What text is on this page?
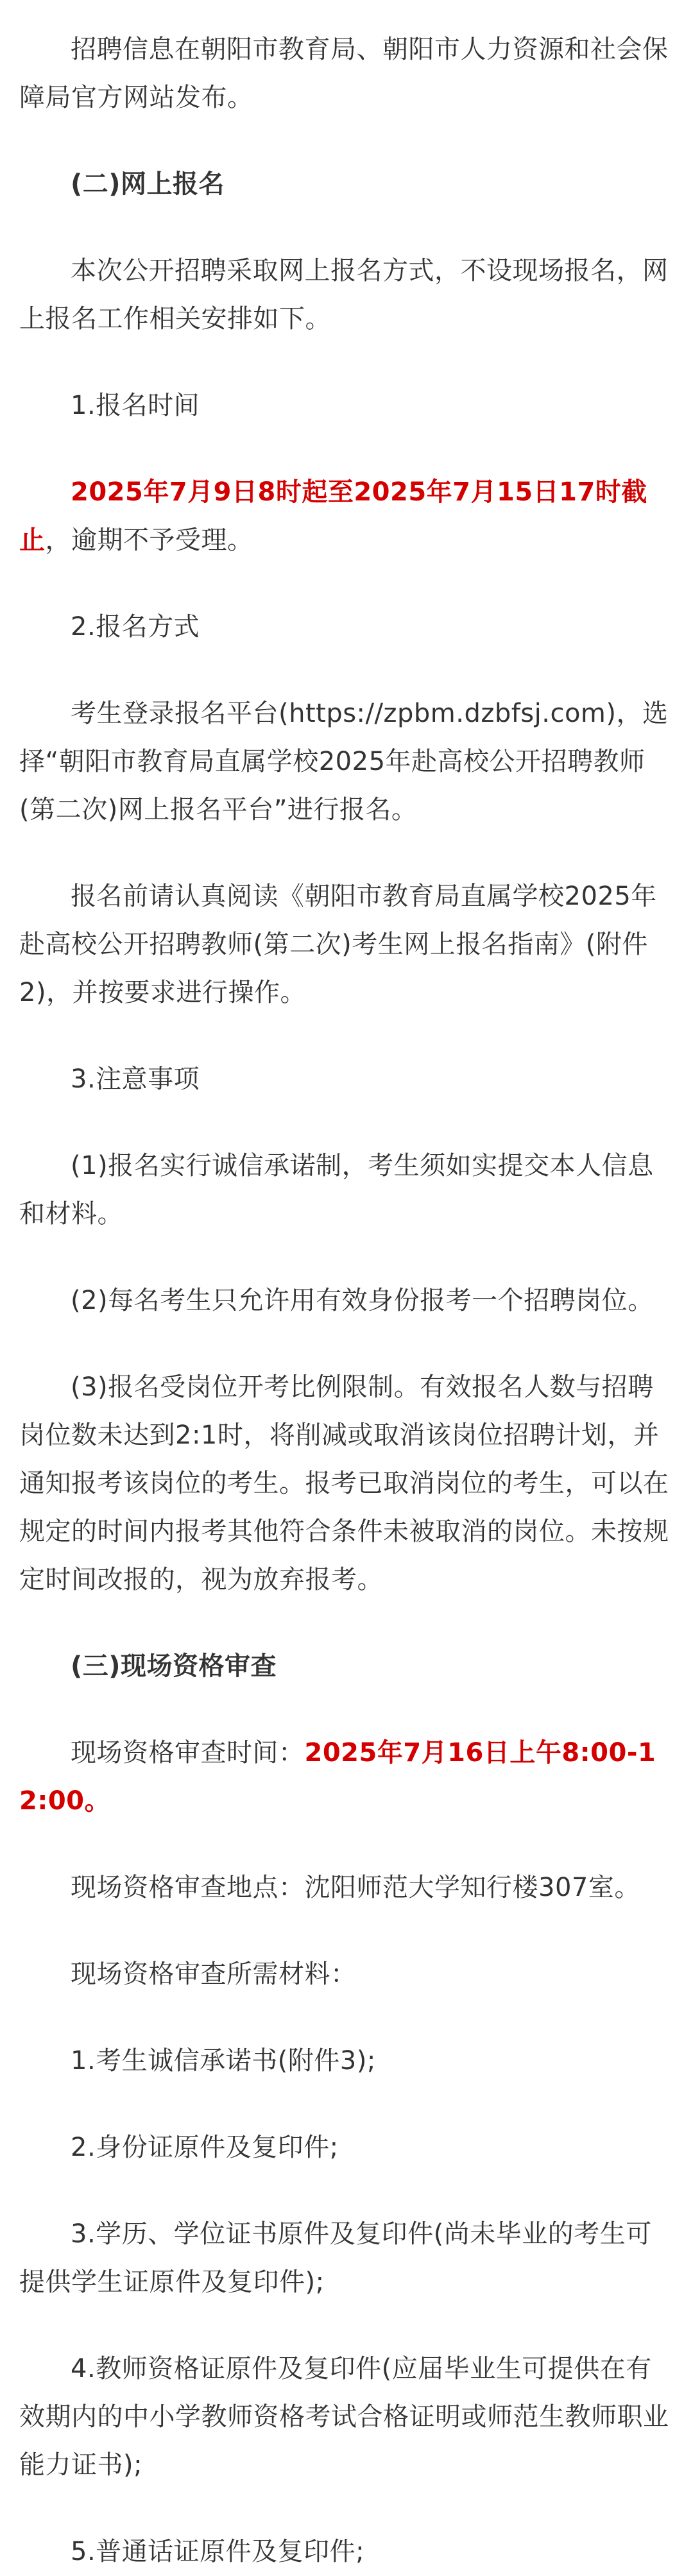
招聘信息在朝阳市教育局、朝阳市人力资源和社会保障局官方网站发布。

(二)网上报名

本次公开招聘采取网上报名方式，不设现场报名，网上报名工作相关安排如下。

1.报名时间

2025年7月9日8时起至2025年7月15日17时截止，逾期不予受理。

2.报名方式

考生登录报名平台(https://zpbm.dzbfsj.com)，选择“朝阳市教育局直属学校2025年赴高校公开招聘教师(第二次)网上报名平台”进行报名。

报名前请认真阅读《朝阳市教育局直属学校2025年赴高校公开招聘教师(第二次)考生网上报名指南》(附件2)，并按要求进行操作。

3.注意事项

(1)报名实行诚信承诺制，考生须如实提交本人信息和材料。

(2)每名考生只允许用有效身份报考一个招聘岗位。

(3)报名受岗位开考比例限制。有效报名人数与招聘岗位数未达到2:1时，将削减或取消该岗位招聘计划，并通知报考该岗位的考生。报考已取消岗位的考生，可以在规定的时间内报考其他符合条件未被取消的岗位。未按规定时间改报的，视为放弃报考。

(三)现场资格审查

现场资格审查时间：2025年7月16日上午8:00-12:00。

现场资格审查地点：沈阳师范大学知行楼307室。

现场资格审查所需材料：

1.考生诚信承诺书(附件3);

2.身份证原件及复印件;

3.学历、学位证书原件及复印件(尚未毕业的考生可提供学生证原件及复印件);

4.教师资格证原件及复印件(应届毕业生可提供在有效期内的中小学教师资格考试合格证明或师范生教师职业能力证书);

5.普通话证原件及复印件;
